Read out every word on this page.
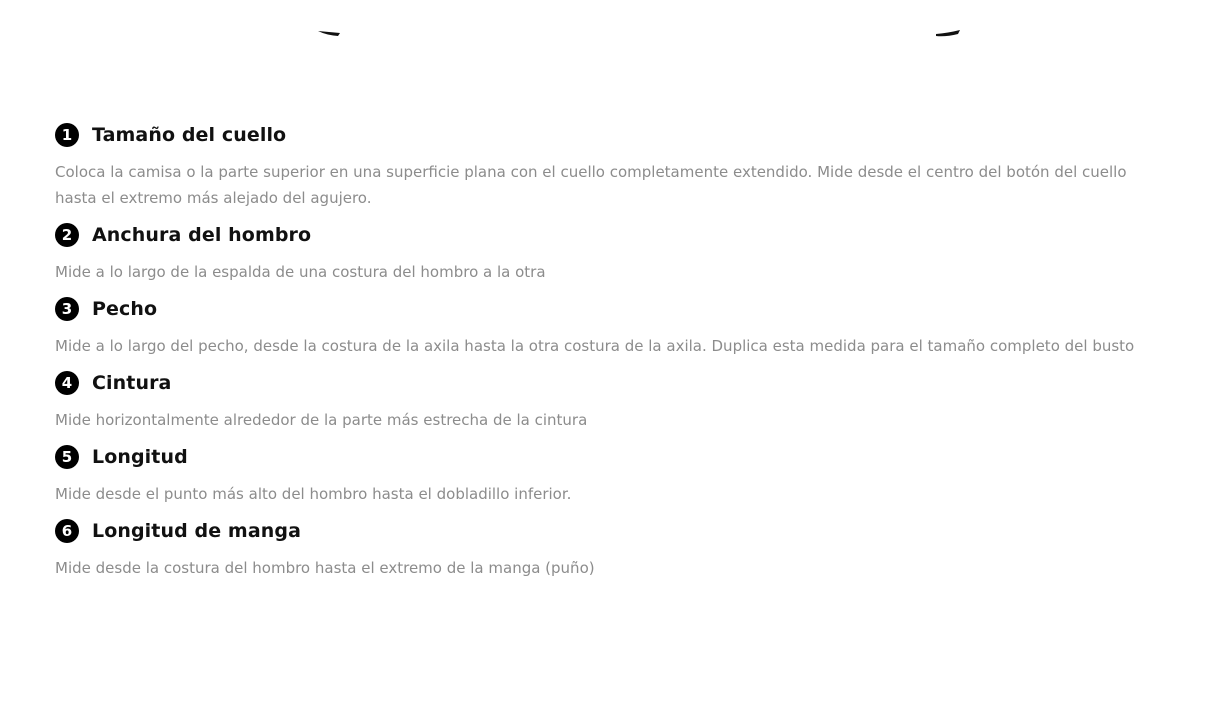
1	Tamaño del cuello
Coloca la camisa o la parte superior en una superficie plana con el cuello completamente extendido. Mide desde el centro del botón del cuello hasta el extremo más alejado del agujero.
2	Anchura del hombro
Mide a lo largo de la espalda de una costura del hombro a la otra
3	Pecho
Mide a lo largo del pecho, desde la costura de la axila hasta la otra costura de la axila. Duplica esta medida para el tamaño completo del busto
4	Cintura
Mide horizontalmente alrededor de la parte más estrecha de la cintura
5	Longitud
Mide desde el punto más alto del hombro hasta el dobladillo inferior.
6	Longitud de manga
Mide desde la costura del hombro hasta el extremo de la manga (puño)
